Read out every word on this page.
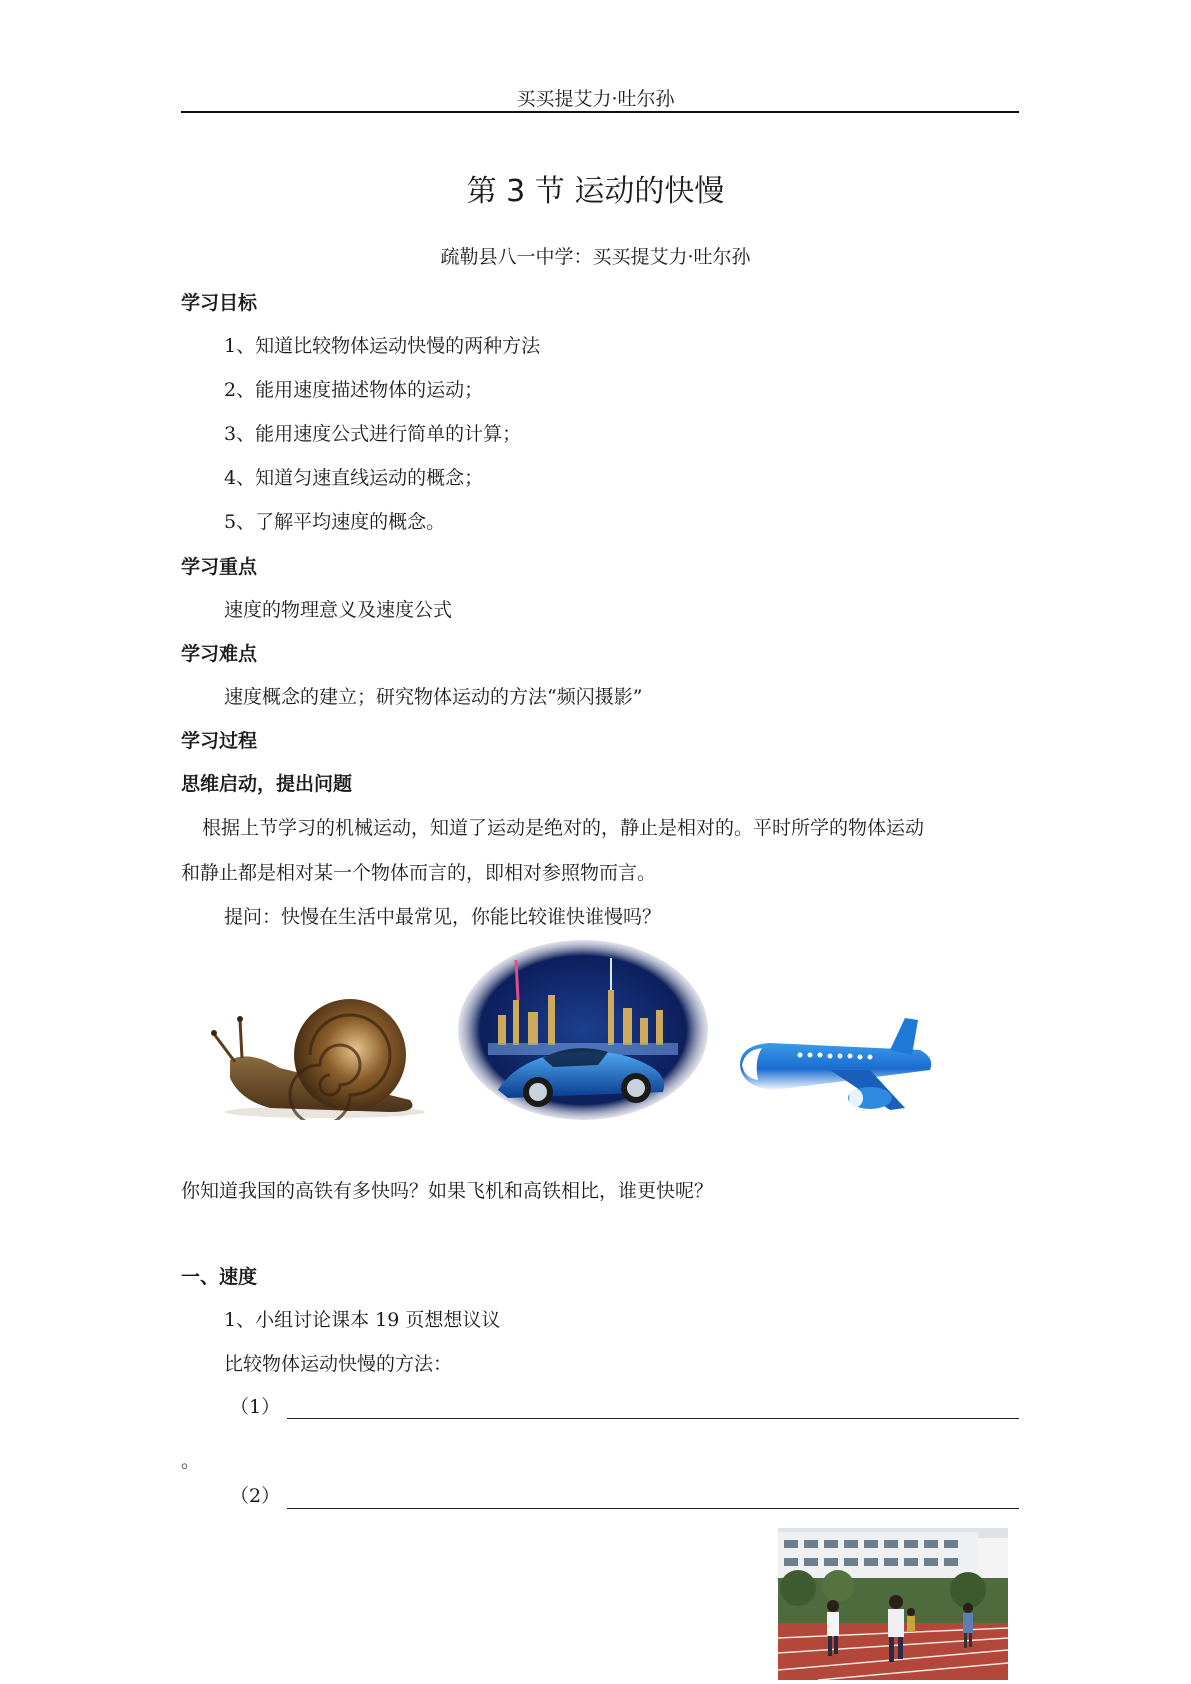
买买提艾力·吐尔孙
第 3 节 运动的快慢
疏勒县八一中学：买买提艾力·吐尔孙
学习目标
1、知道比较物体运动快慢的两种方法
2、能用速度描述物体的运动；
3、能用速度公式进行简单的计算；
4、知道匀速直线运动的概念；
5、了解平均速度的概念。
学习重点
速度的物理意义及速度公式
学习难点
速度概念的建立；研究物体运动的方法“频闪摄影”
学习过程
思维启动，提出问题
根据上节学习的机械运动，知道了运动是绝对的，静止是相对的。平时所学的物体运动
和静止都是相对某一个物体而言的，即相对参照物而言。
提问：快慢在生活中最常见，你能比较谁快谁慢吗？
你知道我国的高铁有多快吗？如果飞机和高铁相比，谁更快呢？
一、速度
1、小组讨论课本 19 页想想议议
比较物体运动快慢的方法：
（1）
。
（2）
